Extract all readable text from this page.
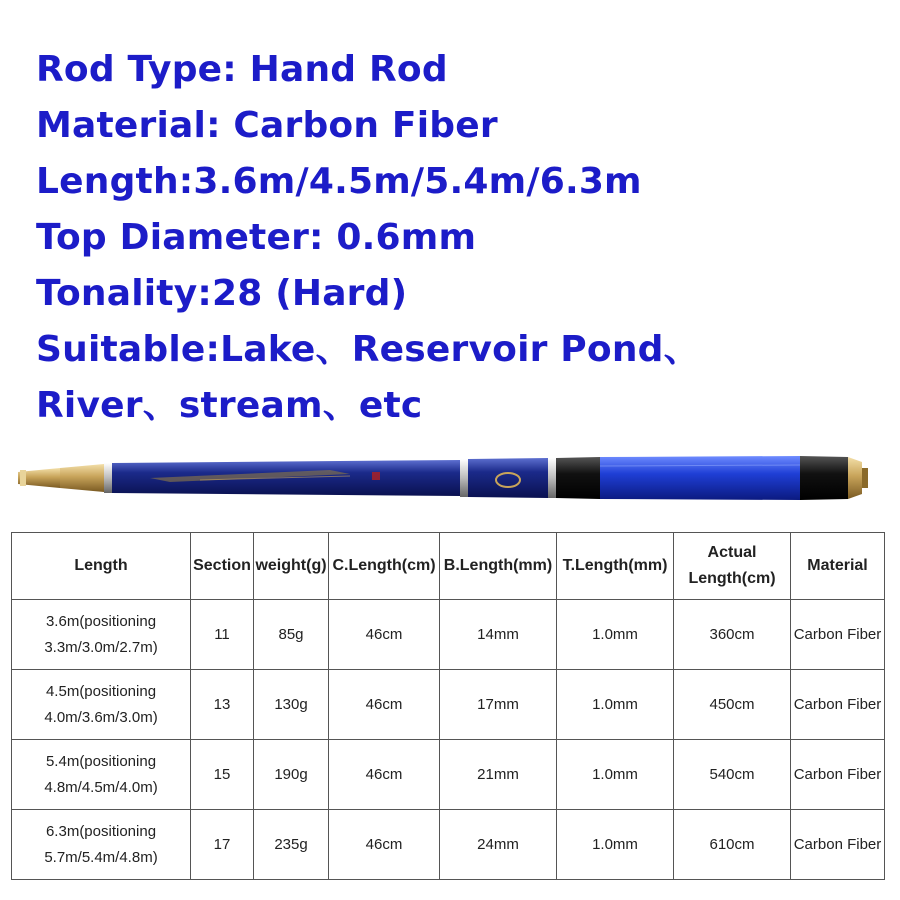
Rod Type: Hand Rod
Material: Carbon Fiber
Length:3.6m/4.5m/5.4m/6.3m
Top Diameter: 0.6mm
Tonality:28 (Hard)
Suitable:Lake、Reservoir Pond、
River、stream、etc
Length	Section	weight(g)	C.Length(cm)	B.Length(mm)	T.Length(mm)	Actual Length(cm)	Material

3.6m(positioning
3.3m/3.0m/2.7m)	11	85g	46cm	14mm	1.0mm	360cm	Carbon Fiber

4.5m(positioning
4.0m/3.6m/3.0m)	13	130g	46cm	17mm	1.0mm	450cm	Carbon Fiber

5.4m(positioning
4.8m/4.5m/4.0m)	15	190g	46cm	21mm	1.0mm	540cm	Carbon Fiber

6.3m(positioning
5.7m/5.4m/4.8m)	17	235g	46cm	24mm	1.0mm	610cm	Carbon Fiber
